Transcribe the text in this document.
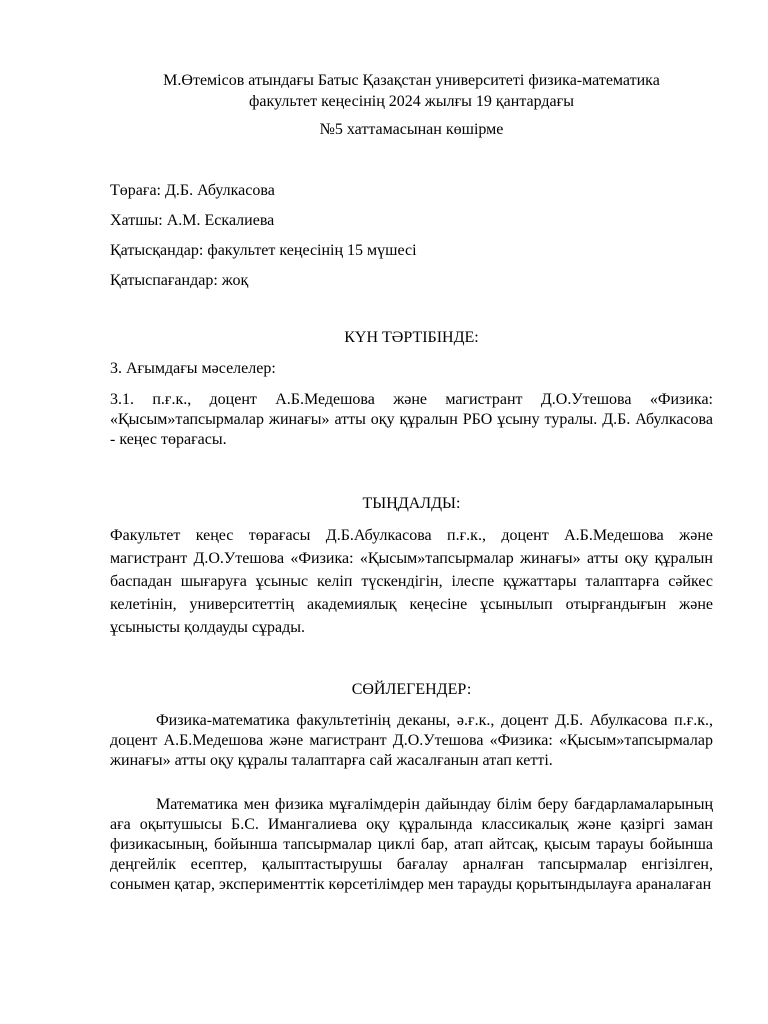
М.Өтемісов атындағы Батыс Қазақстан университеті физика-математика
факультет кеңесінің 2024 жылғы 19 қантардағы
№5 хаттамасынан көшірме
Төраға: Д.Б. Абулкасова
Хатшы: А.М. Ескалиева
Қатысқандар: факультет кеңесінің 15 мүшесі
Қатыспағандар: жоқ
КҮН ТӘРТІБІНДЕ:
3. Ағымдағы мәселелер:
3.1. п.ғ.к., доцент А.Б.Медешова және магистрант Д.О.Утешова «Физика: «Қысым»тапсырмалар жинағы» атты оқу құралын РБО ұсыну туралы. Д.Б. Абулкасова - кеңес төрағасы.
ТЫҢДАЛДЫ:
Факультет кеңес төрағасы Д.Б.Абулкасова п.ғ.к., доцент А.Б.Медешова және магистрант Д.О.Утешова «Физика: «Қысым»тапсырмалар жинағы» атты оқу құралын баспадан шығаруға ұсыныс келіп түскендігін, ілеспе құжаттары талаптарға сәйкес келетінін, университеттің академиялық кеңесіне ұсынылып отырғандығын және ұсынысты қолдауды сұрады.
СӨЙЛЕГЕНДЕР:
Физика-математика факультетінің деканы, ә.ғ.к., доцент Д.Б. Абулкасова п.ғ.к., доцент А.Б.Медешова және магистрант Д.О.Утешова «Физика: «Қысым»тапсырмалар жинағы» атты оқу құралы талаптарға сай жасалғанын атап кетті.
Математика мен физика мұғалімдерін дайындау білім беру бағдарламаларының аға оқытушысы Б.С. Имангалиева оқу құралында классикалық және қазіргі заман физикасының, бойынша тапсырмалар циклі бар, атап айтсақ, қысым тарауы бойынша деңгейлік есептер, қалыптастырушы бағалау арналған тапсырмалар енгізілген, сонымен қатар, эксперименттік көрсетілімдер мен тарауды қорытындылауға араналаған
